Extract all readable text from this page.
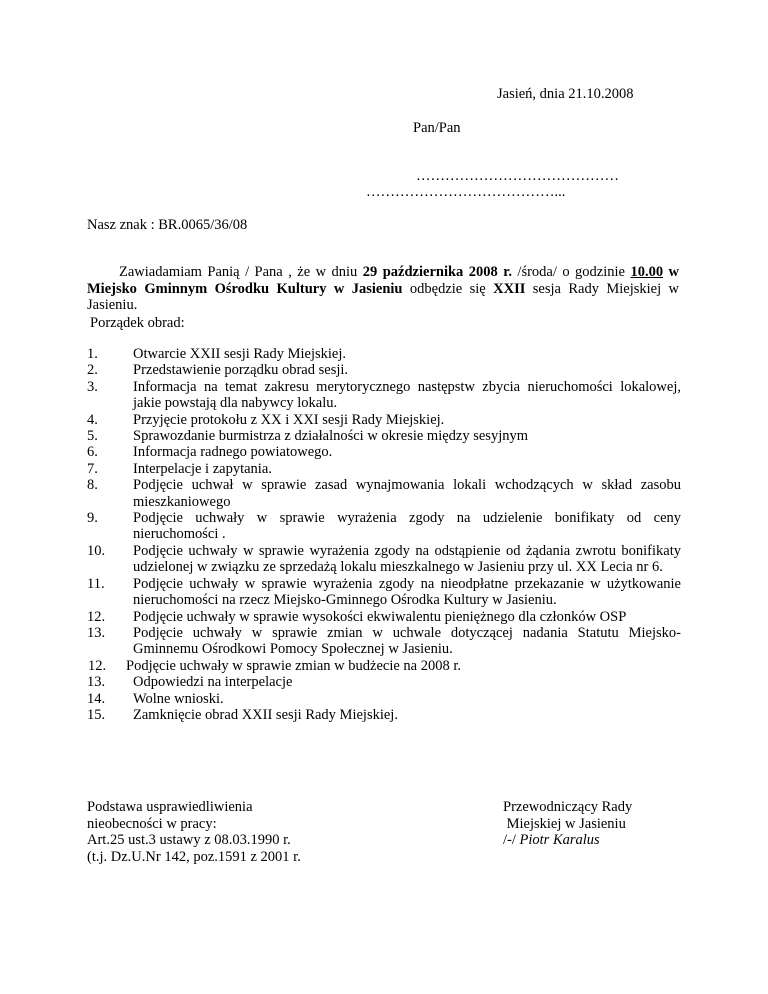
Jasień, dnia 21.10.2008
Pan/Pan
……………………………………
…………………………………...
Nasz znak : BR.0065/36/08
Zawiadamiam Panią / Pana , że w dniu 29 października 2008 r. /środa/ o godzinie 10.00 w Miejsko Gminnym Ośrodku Kultury w Jasieniu odbędzie się XXII sesja Rady Miejskiej w Jasieniu.
Porządek obrad:
1.	Otwarcie XXII sesji Rady Miejskiej.
2.	Przedstawienie porządku obrad sesji.
3.	Informacja na temat zakresu merytorycznego następstw zbycia nieruchomości lokalowej, jakie powstają dla nabywcy lokalu.
4.	Przyjęcie protokołu z XX i XXI sesji Rady Miejskiej.
5.	Sprawozdanie burmistrza z działalności w okresie między sesyjnym
6.	Informacja radnego powiatowego.
7.	Interpelacje i zapytania.
8.	Podjęcie uchwał w sprawie zasad wynajmowania lokali wchodzących w skład zasobu mieszkaniowego
9.	Podjęcie uchwały w sprawie wyrażenia zgody na udzielenie bonifikaty od ceny nieruchomości .
10.	Podjęcie uchwały w sprawie wyrażenia zgody na odstąpienie od żądania zwrotu bonifikaty udzielonej w związku ze sprzedażą lokalu mieszkalnego w Jasieniu przy ul. XX Lecia nr 6.
11.	Podjęcie uchwały w sprawie wyrażenia zgody na nieodpłatne przekazanie w użytkowanie nieruchomości na rzecz Miejsko-Gminnego Ośrodka Kultury w Jasieniu.
12.	Podjęcie uchwały w sprawie wysokości ekwiwalentu pieniężnego dla członków OSP
13.	Podjęcie uchwały w sprawie zmian w uchwale dotyczącej nadania Statutu Miejsko-Gminnemu Ośrodkowi Pomocy Społecznej w Jasieniu.
12. Podjęcie uchwały w sprawie zmian w budżecie na 2008 r.
13.	Odpowiedzi na interpelacje
14.	Wolne wnioski.
15.	Zamknięcie obrad XXII sesji Rady Miejskiej.
Podstawa usprawiedliwienia
nieobecności w pracy:
Art.25 ust.3 ustawy z 08.03.1990 r.
(t.j. Dz.U.Nr 142, poz.1591 z 2001 r.
Przewodniczący Rady
Miejskiej w Jasieniu
/-/ Piotr Karalus
